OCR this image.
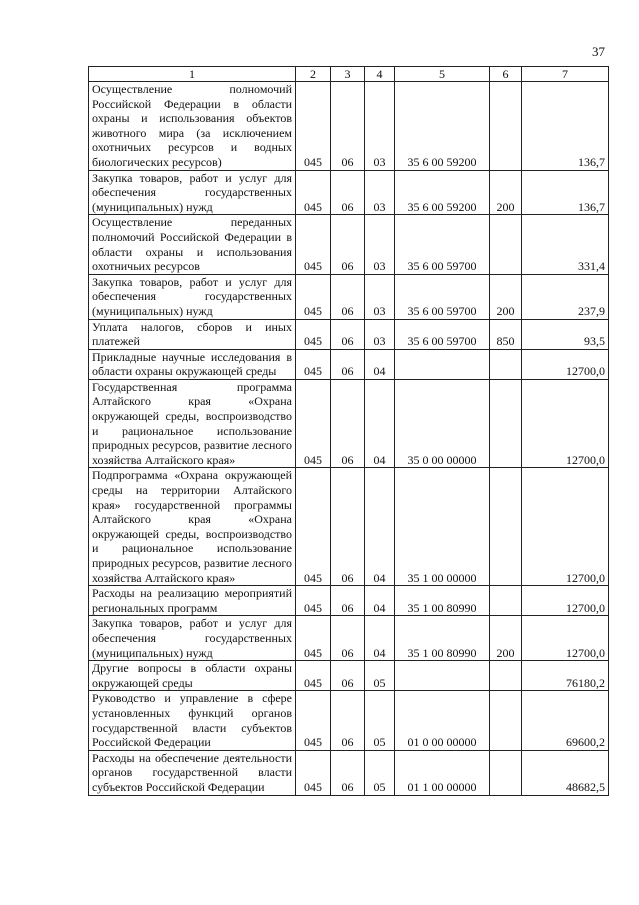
37
1	2	3	4	5	6	7
Осуществление полномочий Российской Федерации в области охраны и использования объектов животного мира (за исключением охотничьих ресурсов и водных биологических ресурсов)	045	06	03	35 6 00 59200		136,7
Закупка товаров, работ и услуг для обеспечения государственных (муниципальных) нужд	045	06	03	35 6 00 59200	200	136,7
Осуществление переданных полномочий Российской Федерации в области охраны и использования охотничьих ресурсов	045	06	03	35 6 00 59700		331,4
Закупка товаров, работ и услуг для обеспечения государственных (муниципальных) нужд	045	06	03	35 6 00 59700	200	237,9
Уплата налогов, сборов и иных платежей	045	06	03	35 6 00 59700	850	93,5
Прикладные научные исследования в области охраны окружающей среды	045	06	04			12700,0
Государственная программа Алтайского края «Охрана окружающей среды, воспроизводство и рациональное использование природных ресурсов, развитие лесного хозяйства Алтайского края»	045	06	04	35 0 00 00000		12700,0
Подпрограмма «Охрана окружающей среды на территории Алтайского края» государственной программы Алтайского края «Охрана окружающей среды, воспроизводство и рациональное использование природных ресурсов, развитие лесного хозяйства Алтайского края»	045	06	04	35 1 00 00000		12700,0
Расходы на реализацию мероприятий региональных программ	045	06	04	35 1 00 80990		12700,0
Закупка товаров, работ и услуг для обеспечения государственных (муниципальных) нужд	045	06	04	35 1 00 80990	200	12700,0
Другие вопросы в области охраны окружающей среды	045	06	05			76180,2
Руководство и управление в сфере установленных функций органов государственной власти субъектов Российской Федерации	045	06	05	01 0 00 00000		69600,2
Расходы на обеспечение деятельности органов государственной власти субъектов Российской Федерации	045	06	05	01 1 00 00000		48682,5
